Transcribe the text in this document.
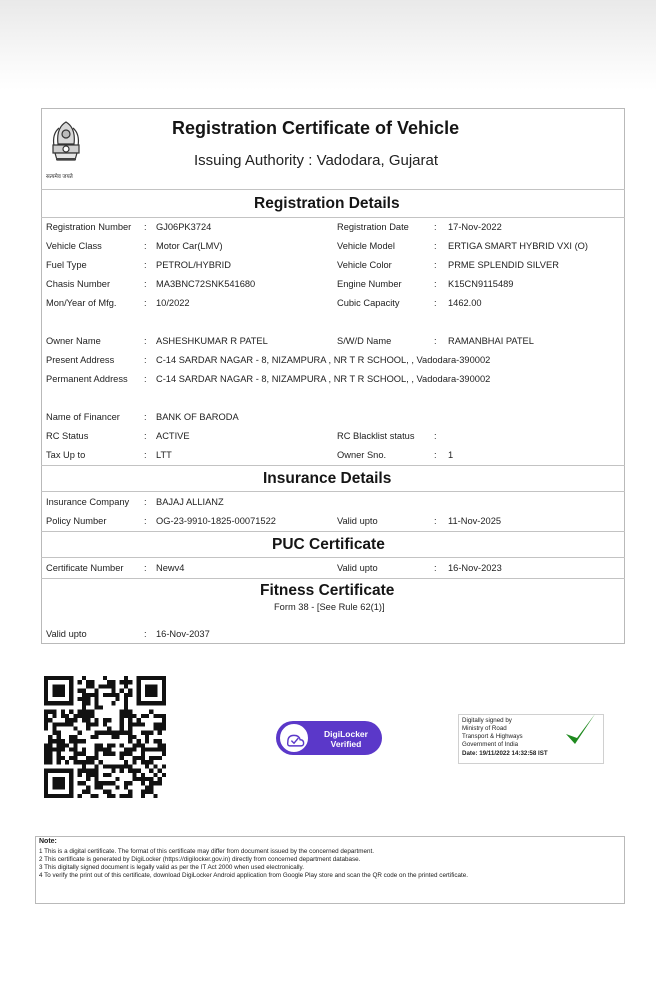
सत्यमेव जयते
Registration Certificate of Vehicle
Issuing Authority : Vadodara, Gujarat
Registration Details
Registration Number : GJ06PK3724	Registration Date	: 17-Nov-2022
Vehicle Class	: Motor Car(LMV)	Vehicle Model	: ERTIGA SMART HYBRID VXI (O)
Fuel Type	: PETROL/HYBRID	Vehicle Color	: PRME SPLENDID SILVER
Chasis Number	: MA3BNC72SNK541680	Engine Number	: K15CN9115489
Mon/Year of Mfg.	: 10/2022	Cubic Capacity	: 1462.00
Owner Name	: ASHESHKUMAR R PATEL	S/W/D Name	: RAMANBHAI PATEL
Present Address	: C-14 SARDAR NAGAR - 8, NIZAMPURA , NR T R SCHOOL, , Vadodara-390002
Permanent Address : C-14 SARDAR NAGAR - 8, NIZAMPURA , NR T R SCHOOL, , Vadodara-390002
Name of Financer	: BANK OF BARODA
RC Status	: ACTIVE	RC Blacklist status :
Tax Up to	: LTT	Owner Sno.	: 1
Insurance Details
Insurance Company : BAJAJ ALLIANZ
Policy Number	: OG-23-9910-1825-00071522	Valid upto	: 11-Nov-2025
PUC Certificate
Certificate Number : Newv4	Valid upto	: 16-Nov-2023
Fitness Certificate
Form 38 - [See Rule 62(1)]
Valid upto	: 16-Nov-2037
DigiLocker
Verified
Digitally signed by
Ministry of Road
Transport & Highways
Government of India
Date: 19/11/2022 14:32:58 IST
Note:
1 This is a digital certificate. The format of this certificate may differ from document issued by the concerned department.
2 This certificate is generated by DigiLocker (https://digilocker.gov.in) directly from concerned department database.
3 This digitally signed document is legally valid as per the IT Act 2000 when used electronically.
4 To verify the print out of this certificate, download DigiLocker Android application from Google Play store and scan the QR code on the printed certificate.
